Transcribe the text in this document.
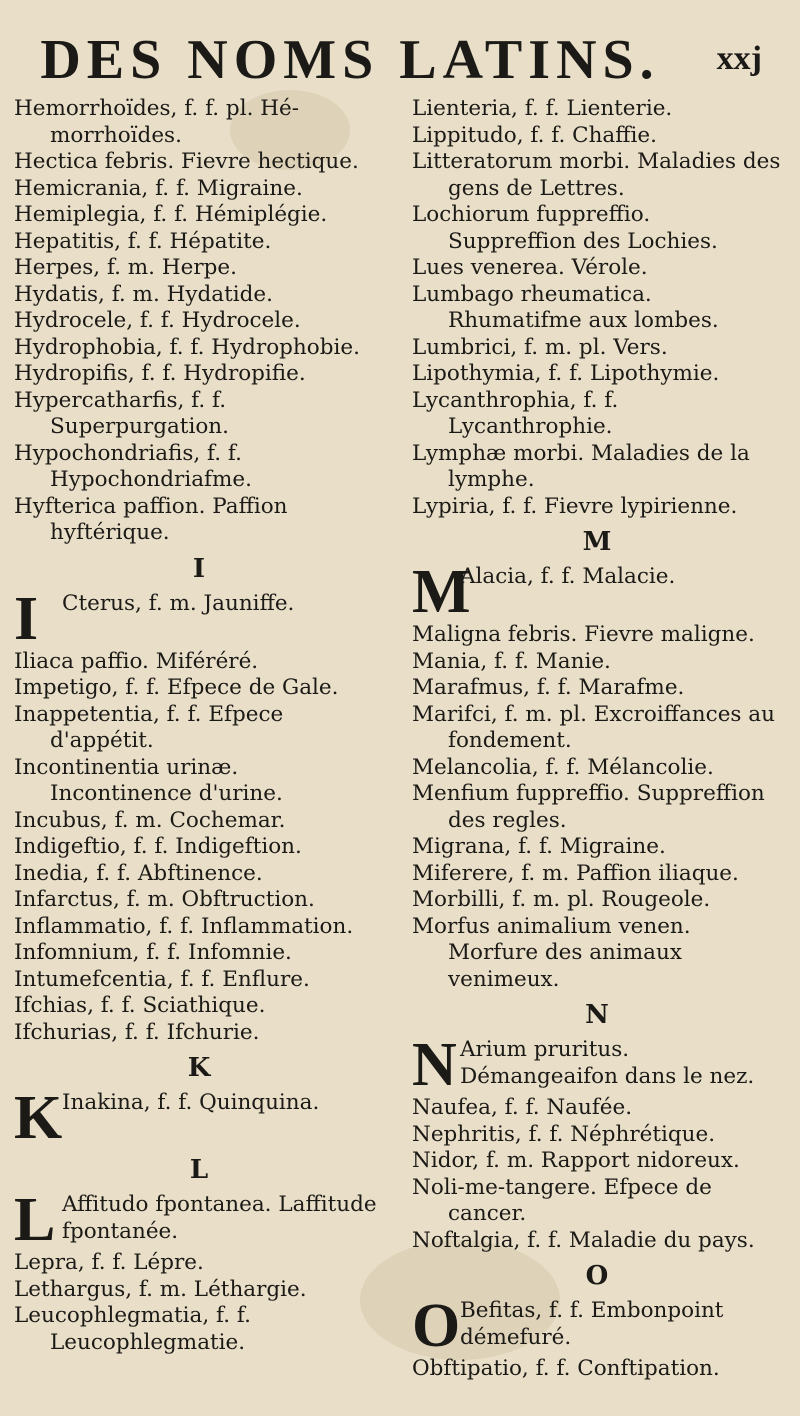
DES NOMS LATINS.	xxj

Hemorrhoïdes, f. f. pl. Hé-morrhoïdes.

Hectica febris. Fievre hectique.

Hemicrania, f. f. Migraine.

Hemiplegia, f. f. Hémiplégie.

Hepatitis, f. f. Hépatite.

Herpes, f. m. Herpe.

Hydatis, f. m. Hydatide.

Hydrocele, f. f. Hydrocele.

Hydrophobia, f. f. Hydrophobie.

Hydropifis, f. f. Hydropifie.

Hypercatharfis, f. f. Superpurgation.

Hypochondriafis, f. f. Hypochondriafme.

Hyfterica paffion. Paffion hyftérique.

I
I Cterus, f. m. Jauniffe.

Iliaca paffio. Miféréré.

Impetigo, f. f. Efpece de Gale.

Inappetentia, f. f. Efpece d'appétit.

Incontinentia urinæ. Incontinence d'urine.

Incubus, f. m. Cochemar.

Indigeftio, f. f. Indigeftion.

Inedia, f. f. Abftinence.

Infarctus, f. m. Obftruction.

Inflammatio, f. f. Inflammation.

Infomnium, f. f. Infomnie.

Intumefcentia, f. f. Enflure.

Ifchias, f. f. Sciathique.

Ifchurias, f. f. Ifchurie.

K
K Inakina, f. f. Quinquina.
L
L Affitudo fpontanea. Laffitude fpontanée.

Lepra, f. f. Lépre.

Lethargus, f. m. Léthargie.

Leucophlegmatia, f. f. Leucophlegmatie.

Lienteria, f. f. Lienterie.

Lippitudo, f. f. Chaffie.

Litteratorum morbi. Maladies des gens de Lettres.

Lochiorum fuppreffio. Suppreffion des Lochies.

Lues venerea. Vérole.

Lumbago rheumatica. Rhumatifme aux lombes.

Lumbrici, f. m. pl. Vers.

Lipothymia, f. f. Lipothymie.

Lycanthrophia, f. f. Lycanthrophie.

Lymphæ morbi. Maladies de la lymphe.

Lypiria, f. f. Fievre lypirienne.

M
M
Alacia, f. f. Malacie.

Maligna febris. Fievre maligne.

Mania, f. f. Manie.

Marafmus, f. f. Marafme.

Marifci, f. m. pl. Excroiffances au fondement.

Melancolia, f. f. Mélancolie.

Menfium fuppreffio. Suppreffion des regles.

Migrana, f. f. Migraine.

Miferere, f. m. Paffion iliaque.

Morbilli, f. m. pl. Rougeole.

Morfus animalium venen. Morfure des animaux venimeux.

N
N Arium pruritus. Démangeaifon dans le nez.

Naufea, f. f. Naufée.

Nephritis, f. f. Néphrétique.

Nidor, f. m. Rapport nidoreux.

Noli-me-tangere. Efpece de cancer.

Noftalgia, f. f. Maladie du pays.

O
O Befitas, f. f. Embonpoint démefuré.

Obftipatio, f. f. Conftipation.
